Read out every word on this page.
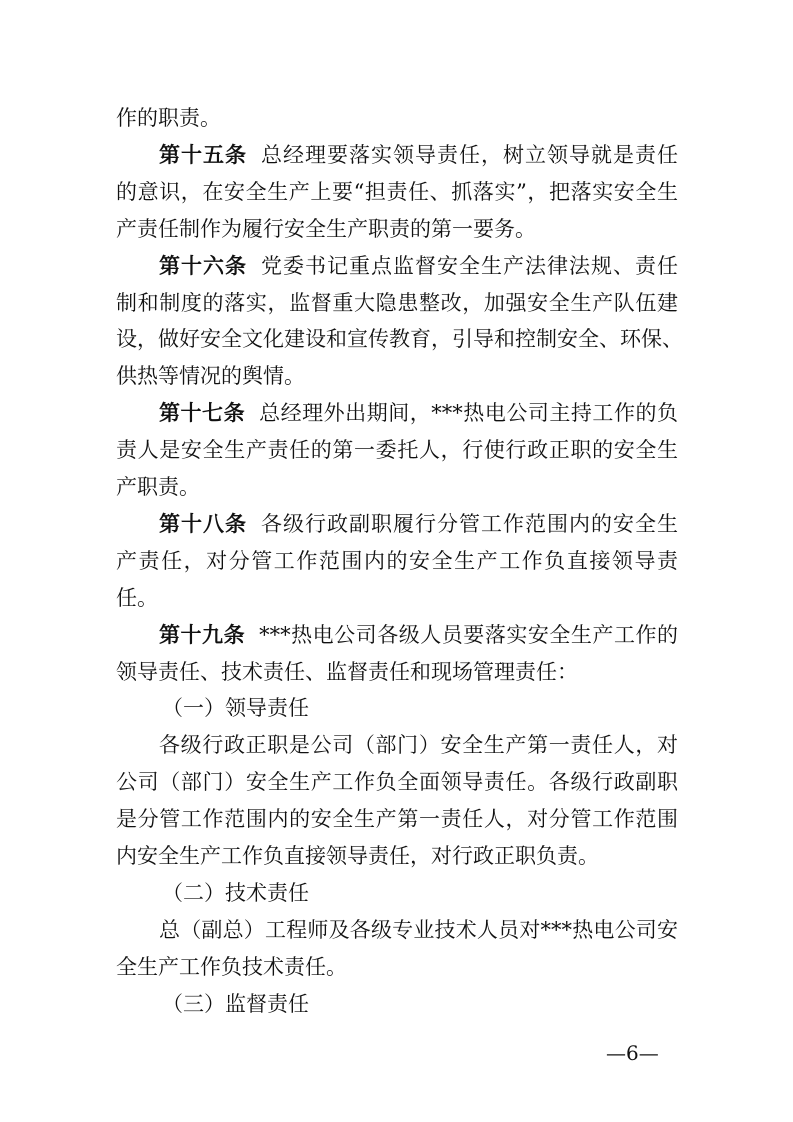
作的职责。
第十五条 总经理要落实领导责任，树立领导就是责任
的意识，在安全生产上要“担责任、抓落实”，把落实安全生
产责任制作为履行安全生产职责的第一要务。
第十六条 党委书记重点监督安全生产法律法规、责任
制和制度的落实，监督重大隐患整改，加强安全生产队伍建
设，做好安全文化建设和宣传教育，引导和控制安全、环保、
供热等情况的舆情。
第十七条 总经理外出期间，***热电公司主持工作的负
责人是安全生产责任的第一委托人，行使行政正职的安全生
产职责。
第十八条 各级行政副职履行分管工作范围内的安全生
产责任，对分管工作范围内的安全生产工作负直接领导责
任。
第十九条 ***热电公司各级人员要落实安全生产工作的
领导责任、技术责任、监督责任和现场管理责任：
（一）领导责任
各级行政正职是公司（部门）安全生产第一责任人，对
公司（部门）安全生产工作负全面领导责任。各级行政副职
是分管工作范围内的安全生产第一责任人，对分管工作范围
内安全生产工作负直接领导责任，对行政正职负责。
（二）技术责任
总（副总）工程师及各级专业技术人员对***热电公司安
全生产工作负技术责任。
（三）监督责任
—6—
